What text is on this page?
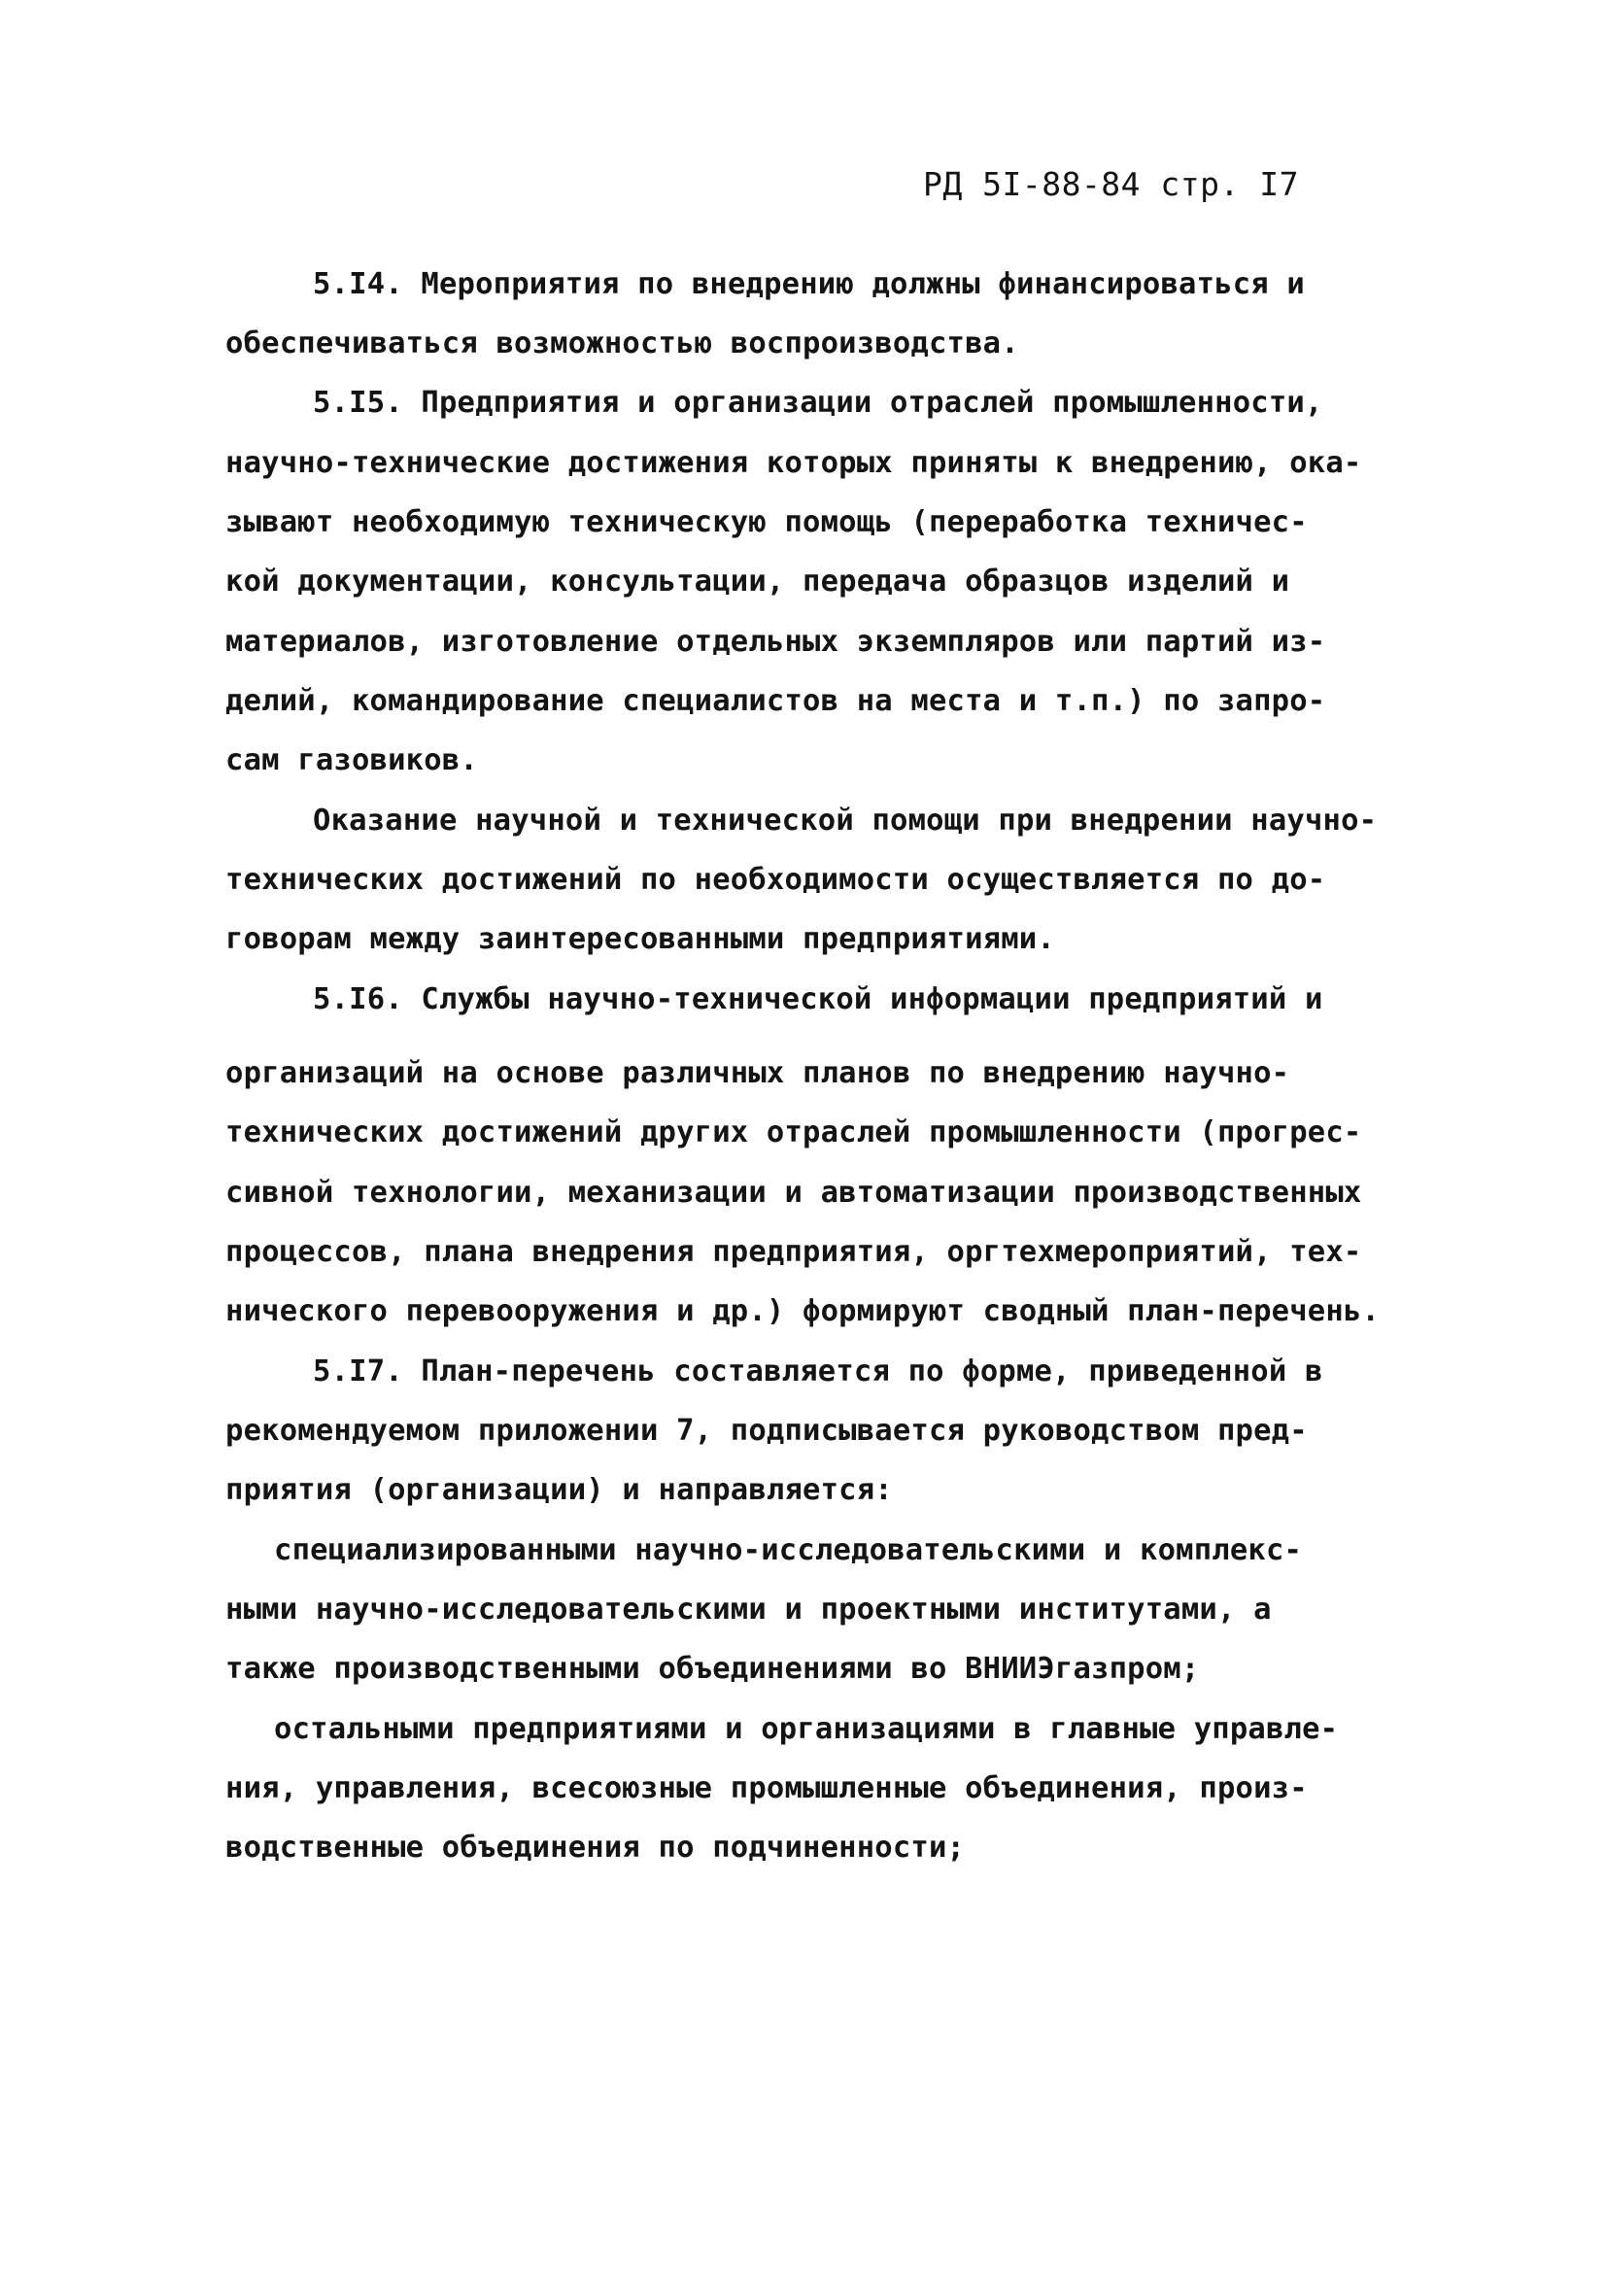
РД 5I-88-84 стр. I7
5.I4. Мероприятия по внедрению должны финансироваться и
обеспечиваться возможностью воспроизводства.
5.I5. Предприятия и организации отраслей промышленности,
научно-технические достижения которых приняты к внедрению, ока-
зывают необходимую техническую помощь (переработка техничес-
кой документации, консультации, передача образцов изделий и
материалов, изготовление отдельных экземпляров или партий из-
делий, командирование специалистов на места и т.п.) по запро-
сам газовиков.
Оказание научной и технической помощи при внедрении научно-
технических достижений по необходимости осуществляется по до-
говорам между заинтересованными предприятиями.
5.I6. Службы научно-технической информации предприятий и
организаций на основе различных планов по внедрению научно-
технических достижений других отраслей промышленности (прогрес-
сивной технологии, механизации и автоматизации производственных
процессов, плана внедрения предприятия, оргтехмероприятий, тех-
нического перевооружения и др.) формируют сводный план-перечень.
5.I7. План-перечень составляется по форме, приведенной в
рекомендуемом приложении 7, подписывается руководством пред-
приятия (организации) и направляется:
специализированными научно-исследовательскими и комплекс-
ными научно-исследовательскими и проектными институтами, а
также производственными объединениями во ВНИИЭгазпром;
остальными предприятиями и организациями в главные управле-
ния, управления, всесоюзные промышленные объединения, произ-
водственные объединения по подчиненности;
